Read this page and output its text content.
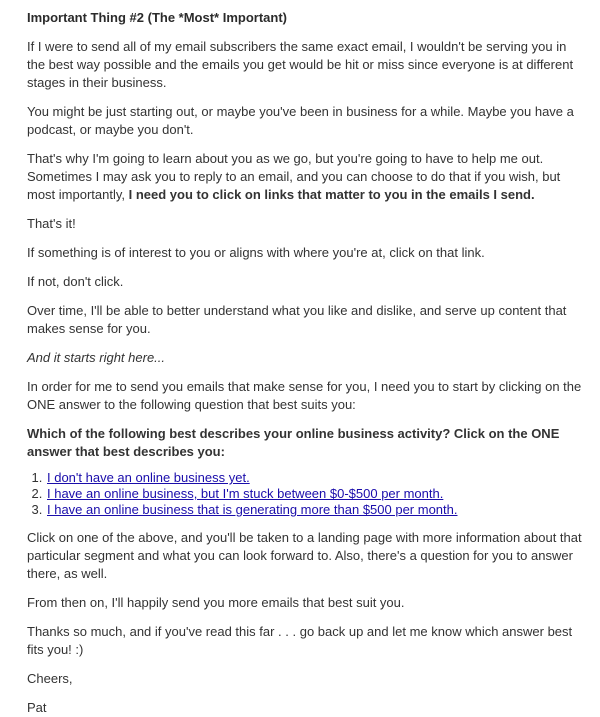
Important Thing #2 (The *Most* Important)

If I were to send all of my email subscribers the same exact email, I wouldn't be serving you in the best way possible and the emails you get would be hit or miss since everyone is at different stages in their business.

You might be just starting out, or maybe you've been in business for a while. Maybe you have a podcast, or maybe you don't.

That's why I'm going to learn about you as we go, but you're going to have to help me out. Sometimes I may ask you to reply to an email, and you can choose to do that if you wish, but most importantly, I need you to click on links that matter to you in the emails I send.

That's it!

If something is of interest to you or aligns with where you're at, click on that link.

If not, don't click.

Over time, I'll be able to better understand what you like and dislike, and serve up content that makes sense for you.

And it starts right here...

In order for me to send you emails that make sense for you, I need you to start by clicking on the ONE answer to the following question that best suits you:

Which of the following best describes your online business activity? Click on the ONE answer that best describes you:

1. I don't have an online business yet.
2. I have an online business, but I'm stuck between $0-$500 per month.
3. I have an online business that is generating more than $500 per month.

Click on one of the above, and you'll be taken to a landing page with more information about that particular segment and what you can look forward to. Also, there's a question for you to answer there, as well.

From then on, I'll happily send you more emails that best suit you.

Thanks so much, and if you've read this far . . . go back up and let me know which answer best fits you! :)

Cheers,

Pat
